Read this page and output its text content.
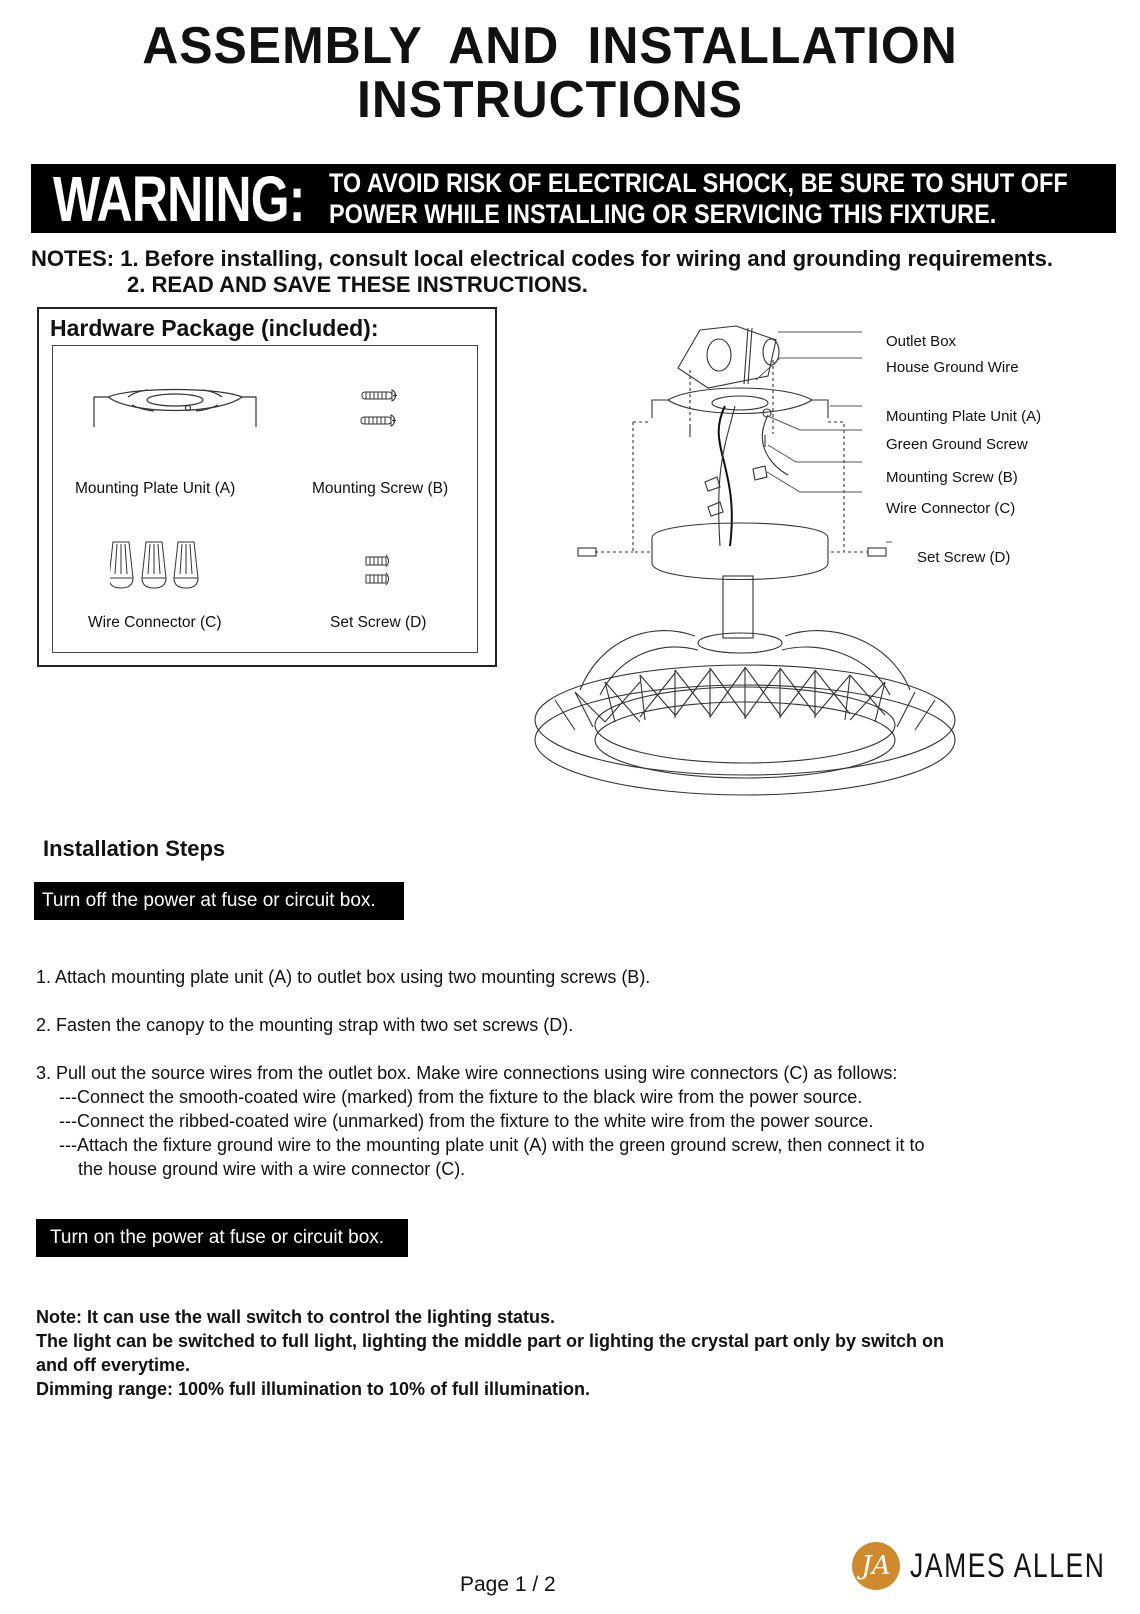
ASSEMBLY AND INSTALLATION
INSTRUCTIONS
WARNING: TO AVOID RISK OF ELECTRICAL SHOCK, BE SURE TO SHUT OFF
POWER WHILE INSTALLING OR SERVICING THIS FIXTURE.
NOTES: 1. Before installing, consult local electrical codes for wiring and grounding requirements.
2. READ AND SAVE THESE INSTRUCTIONS.
Hardware Package (included):
Mounting Plate Unit (A)	Mounting Screw (B)
Wire Connector (C)	Set Screw (D)
Outlet Box
House Ground Wire
Mounting Plate Unit (A)
Green Ground Screw
Mounting Screw (B)
Wire Connector (C)
Set Screw (D)
Installation Steps
Turn off the power at fuse or circuit box.
1. Attach mounting plate unit (A) to outlet box using two mounting screws (B).
2. Fasten the canopy to the mounting strap with two set screws (D).
3. Pull out the source wires from the outlet box. Make wire connections using wire connectors (C) as follows:
---Connect the smooth-coated wire (marked) from the fixture to the black wire from the power source.
---Connect the ribbed-coated wire (unmarked) from the fixture to the white wire from the power source.
---Attach the fixture ground wire to the mounting plate unit (A) with the green ground screw, then connect it to
the house ground wire with a wire connector (C).
Turn on the power at fuse or circuit box.
Note: It can use the wall switch to control the lighting status.
The light can be switched to full light, lighting the middle part or lighting the crystal part only by switch on
and off everytime.
Dimming range: 100% full illumination to 10% of full illumination.
Page 1 / 2
JA JAMES ALLEN
